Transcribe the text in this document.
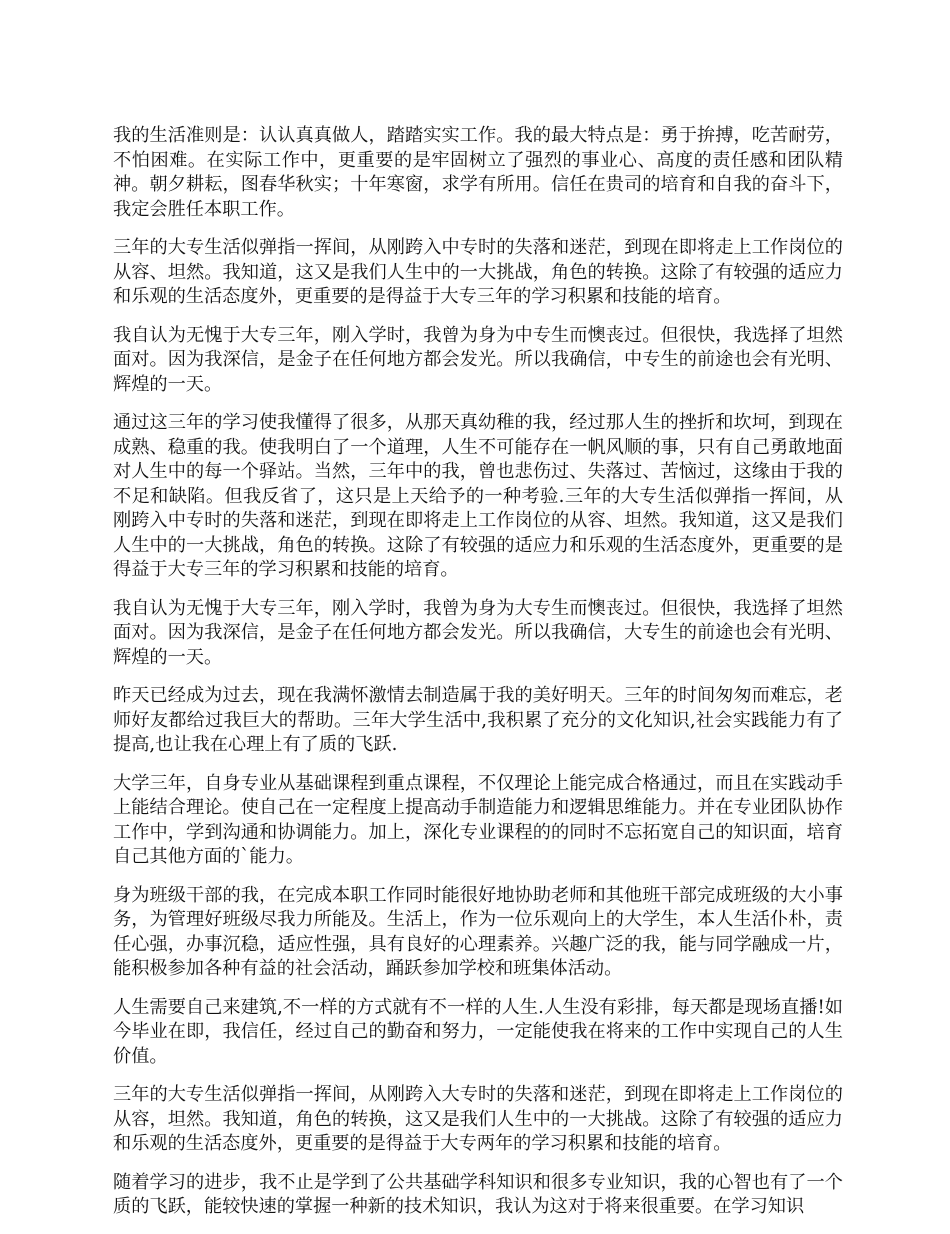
我的生活准则是：认认真真做人，踏踏实实工作。我的最大特点是：勇于拚搏，吃苦耐劳，不怕困难。在实际工作中，更重要的是牢固树立了强烈的事业心、高度的责任感和团队精神。朝夕耕耘，图春华秋实；十年寒窗，求学有所用。信任在贵司的培育和自我的奋斗下，我定会胜任本职工作。

三年的大专生活似弹指一挥间，从刚跨入中专时的失落和迷茫，到现在即将走上工作岗位的从容、坦然。我知道，这又是我们人生中的一大挑战，角色的转换。这除了有较强的适应力和乐观的生活态度外，更重要的是得益于大专三年的学习积累和技能的培育。

我自认为无愧于大专三年，刚入学时，我曾为身为中专生而懊丧过。但很快，我选择了坦然面对。因为我深信，是金子在任何地方都会发光。所以我确信，中专生的前途也会有光明、辉煌的一天。

通过这三年的学习使我懂得了很多，从那天真幼稚的我，经过那人生的挫折和坎坷，到现在成熟、稳重的我。使我明白了一个道理，人生不可能存在一帆风顺的事，只有自己勇敢地面对人生中的每一个驿站。当然，三年中的我，曾也悲伤过、失落过、苦恼过，这缘由于我的不足和缺陷。但我反省了，这只是上天给予的一种考验.三年的大专生活似弹指一挥间，从刚跨入中专时的失落和迷茫，到现在即将走上工作岗位的从容、坦然。我知道，这又是我们人生中的一大挑战，角色的转换。这除了有较强的适应力和乐观的生活态度外，更重要的是得益于大专三年的学习积累和技能的培育。

我自认为无愧于大专三年，刚入学时，我曾为身为大专生而懊丧过。但很快，我选择了坦然面对。因为我深信，是金子在任何地方都会发光。所以我确信，大专生的前途也会有光明、辉煌的一天。

昨天已经成为过去，现在我满怀激情去制造属于我的美好明天。三年的时间匆匆而难忘，老师好友都给过我巨大的帮助。三年大学生活中,我积累了充分的文化知识,社会实践能力有了提高,也让我在心理上有了质的飞跃.

大学三年，自身专业从基础课程到重点课程，不仅理论上能完成合格通过，而且在实践动手上能结合理论。使自己在一定程度上提高动手制造能力和逻辑思维能力。并在专业团队协作工作中，学到沟通和协调能力。加上，深化专业课程的的同时不忘拓宽自己的知识面，培育自己其他方面的`能力。

身为班级干部的我，在完成本职工作同时能很好地协助老师和其他班干部完成班级的大小事务，为管理好班级尽我力所能及。生活上，作为一位乐观向上的大学生，本人生活仆朴，责任心强，办事沉稳，适应性强，具有良好的心理素养。兴趣广泛的我，能与同学融成一片，能积极参加各种有益的社会活动，踊跃参加学校和班集体活动。

人生需要自己来建筑,不一样的方式就有不一样的人生.人生没有彩排，每天都是现场直播!如今毕业在即，我信任，经过自己的勤奋和努力，一定能使我在将来的工作中实现自己的人生价值。

三年的大专生活似弹指一挥间，从刚跨入大专时的失落和迷茫，到现在即将走上工作岗位的从容，坦然。我知道，角色的转换，这又是我们人生中的一大挑战。这除了有较强的适应力和乐观的生活态度外，更重要的是得益于大专两年的学习积累和技能的培育。

随着学习的进步，我不止是学到了公共基础学科知识和很多专业知识，我的心智也有了一个质的飞跃，能较快速的掌握一种新的技术知识，我认为这对于将来很重要。在学习知识
